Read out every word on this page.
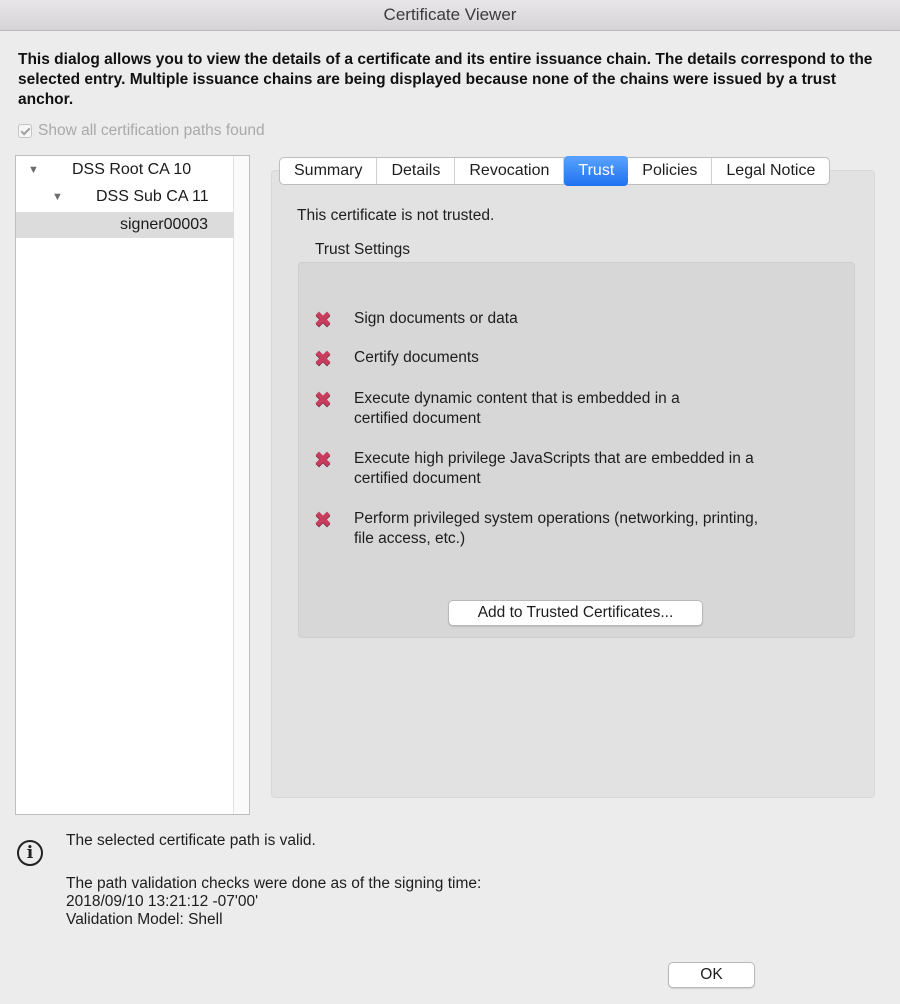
Certificate Viewer
This dialog allows you to view the details of a certificate and its entire issuance chain. The details correspond to the selected entry. Multiple issuance chains are being displayed because none of the chains were issued by a trust anchor.
Show all certification paths found
▼ DSS Root CA 10
▼ DSS Sub CA 11
signer00003
Summary	Details	Revocation	Trust	Policies	Legal Notice
This certificate is not trusted.
Trust Settings
✖ Sign documents or data
✖ Certify documents
✖ Execute dynamic content that is embedded in a
certified document
✖ Execute high privilege JavaScripts that are embedded in a
certified document
✖ Perform privileged system operations (networking, printing,
file access, etc.)
Add to Trusted Certificates...
i
The selected certificate path is valid.
The path validation checks were done as of the signing time:
2018/09/10 13:21:12 -07'00'
Validation Model: Shell
OK
